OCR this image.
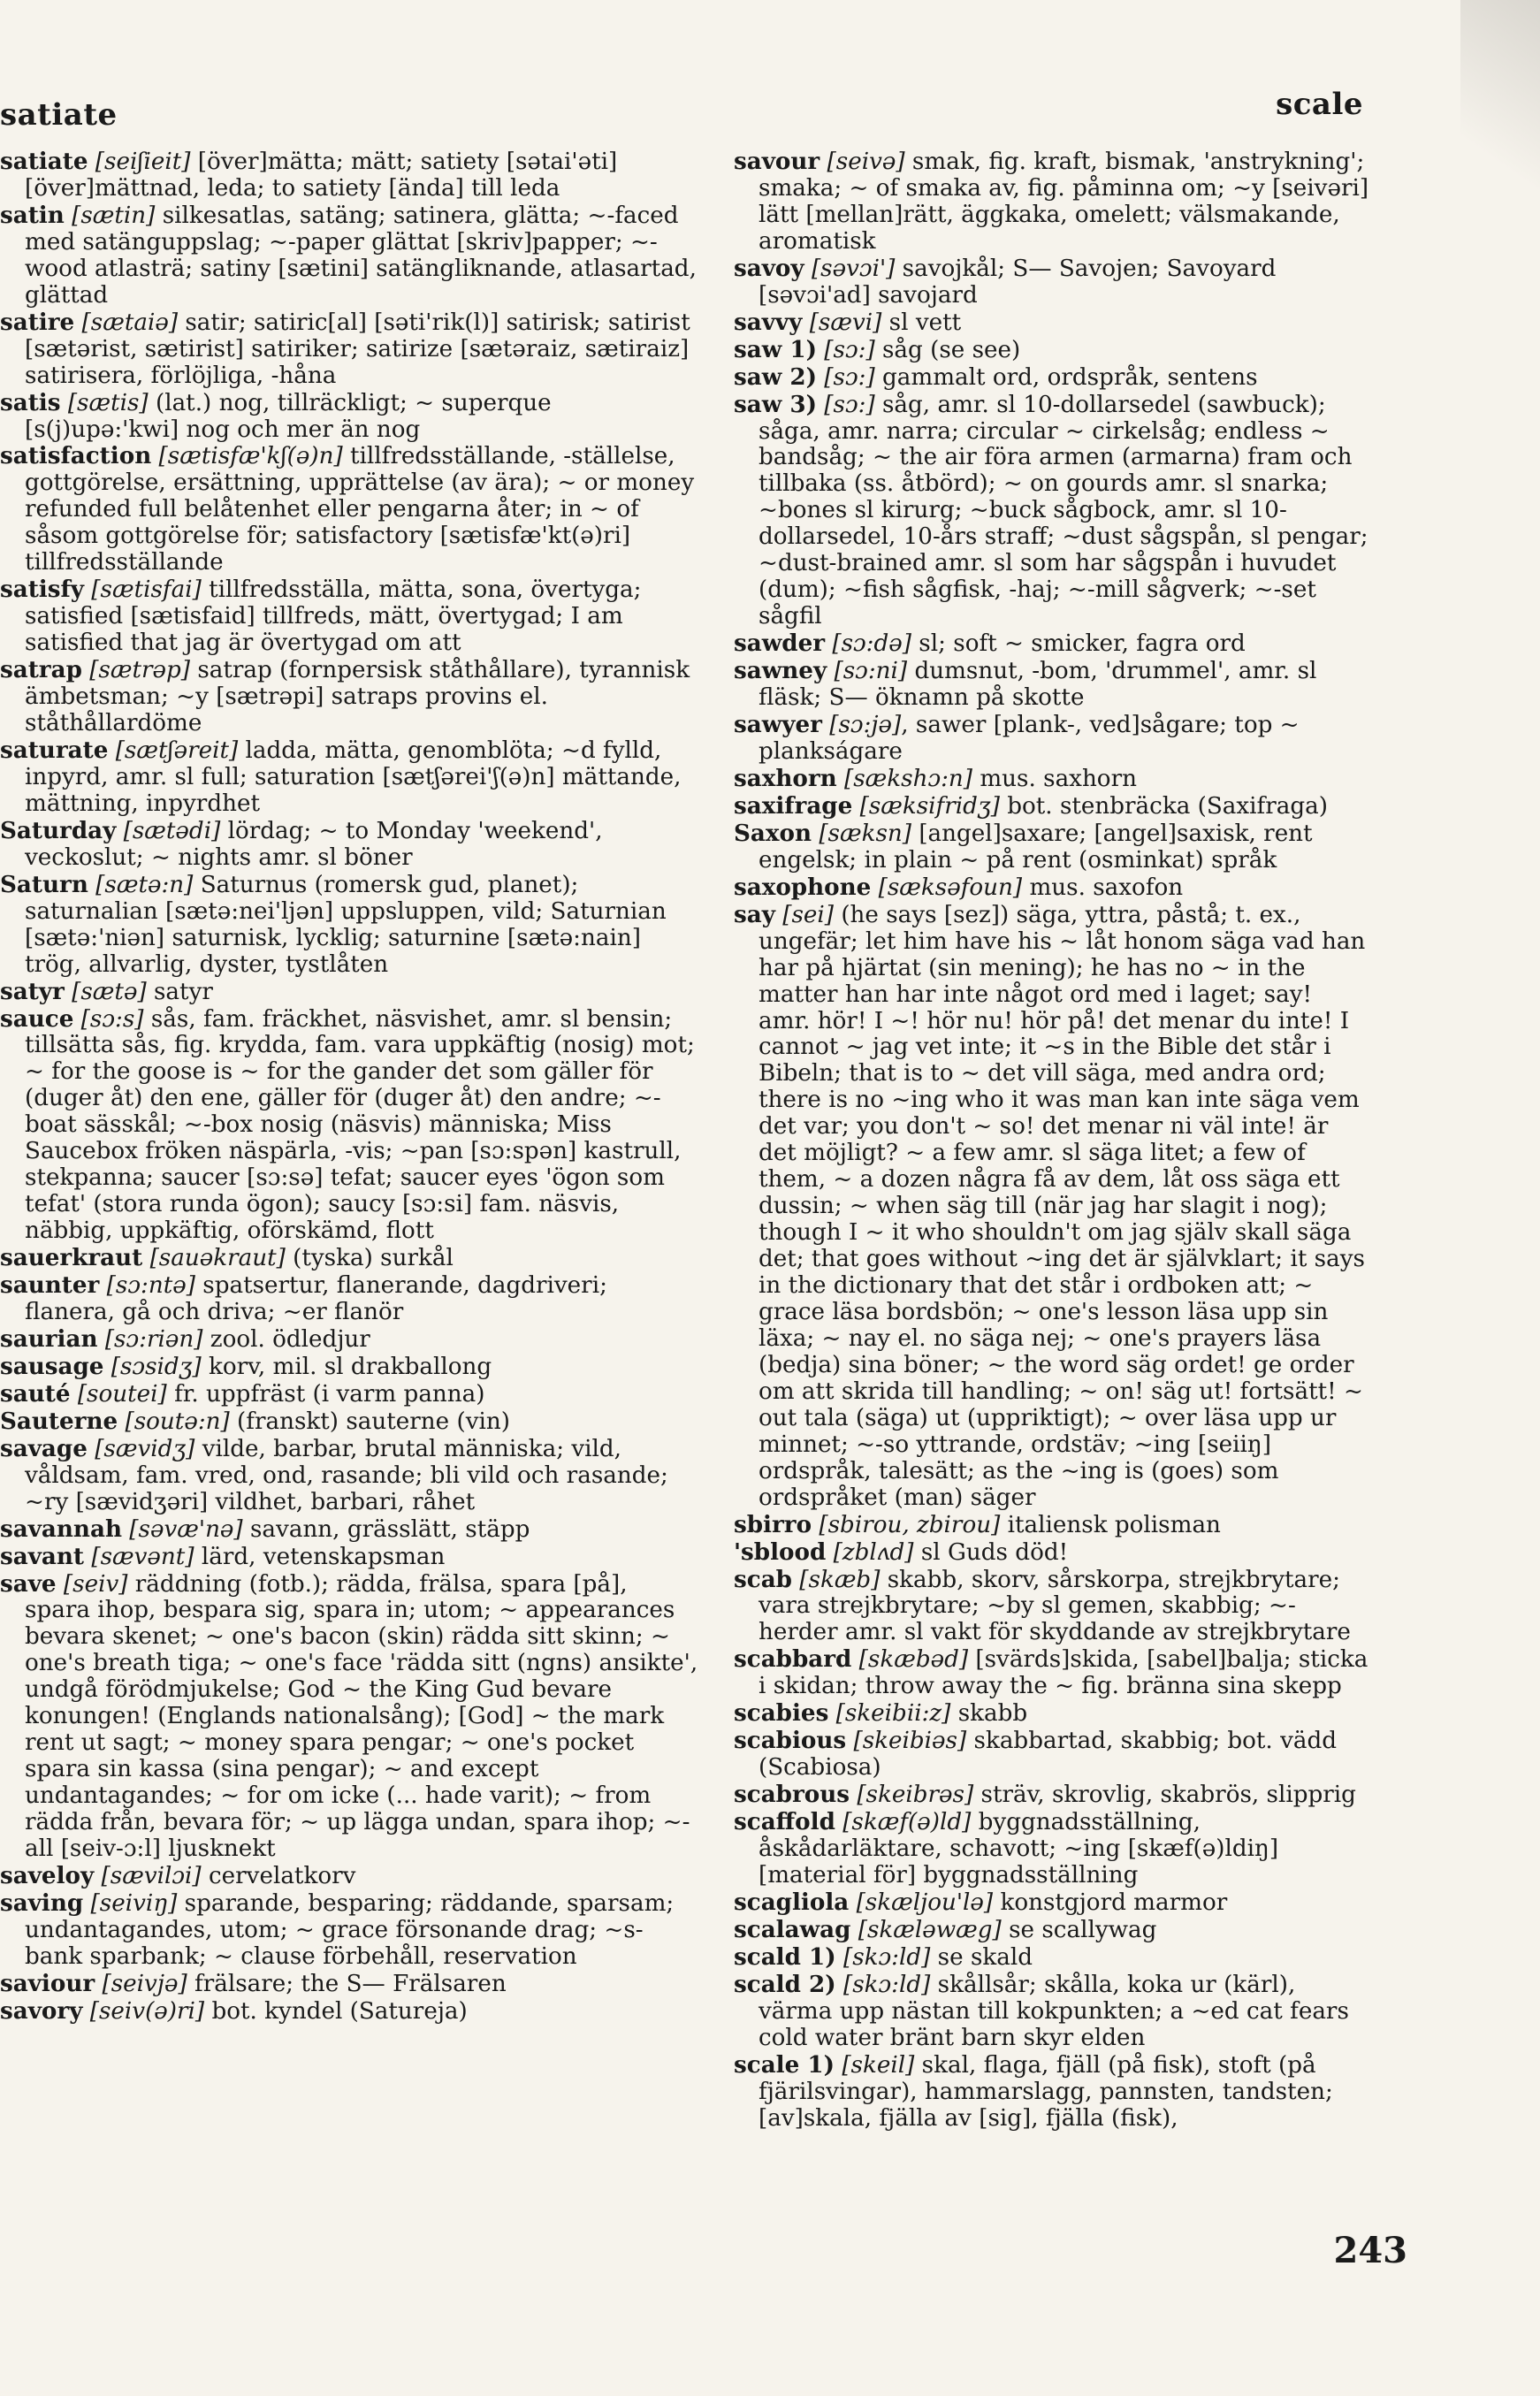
satiate	scale

satiate [seiʃieit] [över]mätta; mätt; satiety [sətai'əti] [över]mättnad, leda; to satiety [ända] till leda

satin [sætin] silkesatlas, satäng; satinera, glätta; ~-faced med satänguppslag; ~-paper glättat [skriv]papper; ~-wood atlasträ; satiny [sætini] satängliknande, atlasartad, glättad

satire [sætaiə] satir; satiric[al] [səti'rik(l)] satirisk; satirist [sætərist, sætirist] satiriker; satirize [sætəraiz, sætiraiz] satirisera, förlöjliga, -håna

satis [sætis] (lat.) nog, tillräckligt; ~ superque [s(j)upə:'kwi] nog och mer än nog

satisfaction [sætisfæ'kʃ(ə)n] tillfredsställande, -ställelse, gottgörelse, ersättning, upprättelse (av ära); ~ or money refunded full belåtenhet eller pengarna åter; in ~ of såsom gottgörelse för; satisfactory [sætisfæ'kt(ə)ri] tillfredsställande

satisfy [sætisfai] tillfredsställa, mätta, sona, övertyga; satisfied [sætisfaid] tillfreds, mätt, övertygad; I am satisfied that jag är övertygad om att

satrap [sætrəp] satrap (fornpersisk ståthållare), tyrannisk ämbetsman; ~y [sætrəpi] satraps provins el. ståthållardöme

saturate [sætʃəreit] ladda, mätta, genomblöta; ~d fylld, inpyrd, amr. sl full; saturation [sætʃərei'ʃ(ə)n] mättande, mättning, inpyrdhet

Saturday [sætədi] lördag; ~ to Monday 'weekend', veckoslut; ~ nights amr. sl böner

Saturn [sætə:n] Saturnus (romersk gud, planet); saturnalian [sætə:nei'ljən] uppsluppen, vild; Saturnian [sætə:'niən] saturnisk, lycklig; saturnine [sætə:nain] trög, allvarlig, dyster, tystlåten

satyr [sætə] satyr

sauce [sɔ:s] sås, fam. fräckhet, näsvishet, amr. sl bensin; tillsätta sås, fig. krydda, fam. vara uppkäftig (nosig) mot; ~ for the goose is ~ for the gander det som gäller för (duger åt) den ene, gäller för (duger åt) den andre; ~-boat sässkål; ~-box nosig (näsvis) människa; Miss Saucebox fröken näspärla, -vis; ~pan [sɔ:spən] kastrull, stekpanna; saucer [sɔ:sə] tefat; saucer eyes 'ögon som tefat' (stora runda ögon); saucy [sɔ:si] fam. näsvis, näbbig, uppkäftig, oförskämd, flott

sauerkraut [sauəkraut] (tyska) surkål

saunter [sɔ:ntə] spatsertur, flanerande, dagdriveri; flanera, gå och driva; ~er flanör

saurian [sɔ:riən] zool. ödledjur

sausage [sɔsidʒ] korv, mil. sl drakballong

sauté [soutei] fr. uppfräst (i varm panna)

Sauterne [soutə:n] (franskt) sauterne (vin)

savage [sævidʒ] vilde, barbar, brutal människa; vild, våldsam, fam. vred, ond, rasande; bli vild och rasande; ~ry [sævidʒəri] vildhet, barbari, råhet

savannah [səvæ'nə] savann, grässlätt, stäpp

savant [sævənt] lärd, vetenskapsman

save [seiv] räddning (fotb.); rädda, frälsa, spara [på], spara ihop, bespara sig, spara in; utom; ~ appearances bevara skenet; ~ one's bacon (skin) rädda sitt skinn; ~ one's breath tiga; ~ one's face 'rädda sitt (ngns) ansikte', undgå förödmjukelse; God ~ the King Gud bevare konungen! (Englands nationalsång); [God] ~ the mark rent ut sagt; ~ money spara pengar; ~ one's pocket spara sin kassa (sina pengar); ~ and except undantagandes; ~ for om icke (... hade varit); ~ from rädda från, bevara för; ~ up lägga undan, spara ihop; ~-all [seiv-ɔ:l] ljusknekt

saveloy [sævilɔi] cervelatkorv

saving [seiviŋ] sparande, besparing; räddande, sparsam; undantagandes, utom; ~ grace försonande drag; ~s-bank sparbank; ~ clause förbehåll, reservation

saviour [seivjə] frälsare; the S— Frälsaren

savory [seiv(ə)ri] bot. kyndel (Satureja)

savour [seivə] smak, fig. kraft, bismak, 'anstrykning'; smaka; ~ of smaka av, fig. påminna om; ~y [seivəri] lätt [mellan]rätt, äggkaka, omelett; välsmakande, aromatisk

savoy [səvɔi'] savojkål; S— Savojen; Savoyard [səvɔi'ad] savojard

savvy [sævi] sl vett

saw 1) [sɔ:] såg (se see)

saw 2) [sɔ:] gammalt ord, ordspråk, sentens

saw 3) [sɔ:] såg, amr. sl 10-dollarsedel (sawbuck); såga, amr. narra; circular ~ cirkelsåg; endless ~ bandsåg; ~ the air föra armen (armarna) fram och tillbaka (ss. åtbörd); ~ on gourds amr. sl snarka; ~bones sl kirurg; ~buck sågbock, amr. sl 10-dollarsedel, 10-års straff; ~dust sågspån, sl pengar; ~dust-brained amr. sl som har sågspån i huvudet (dum); ~fish sågfisk, -haj; ~-mill sågverk; ~-set sågfil

sawder [sɔ:də] sl; soft ~ smicker, fagra ord

sawney [sɔ:ni] dumsnut, -bom, 'drummel', amr. sl fläsk; S— öknamn på skotte

sawyer [sɔ:jə], sawer [plank-, ved]sågare; top ~ plankságare

saxhorn [sækshɔ:n] mus. saxhorn

saxifrage [sæksifridʒ] bot. stenbräcka (Saxifraga)

Saxon [sæksn] [angel]saxare; [angel]saxisk, rent engelsk; in plain ~ på rent (osminkat) språk

saxophone [sæksəfoun] mus. saxofon

say [sei] (he says [sez]) säga, yttra, påstå; t. ex., ungefär; let him have his ~ låt honom säga vad han har på hjärtat (sin mening); he has no ~ in the matter han har inte något ord med i laget; say! amr. hör! I ~! hör nu! hör på! det menar du inte! I cannot ~ jag vet inte; it ~s in the Bible det står i Bibeln; that is to ~ det vill säga, med andra ord; there is no ~ing who it was man kan inte säga vem det var; you don't ~ so! det menar ni väl inte! är det möjligt? ~ a few amr. sl säga litet; a few of them, ~ a dozen några få av dem, låt oss säga ett dussin; ~ when säg till (när jag har slagit i nog); though I ~ it who shouldn't om jag själv skall säga det; that goes without ~ing det är självklart; it says in the dictionary that det står i ordboken att; ~ grace läsa bordsbön; ~ one's lesson läsa upp sin läxa; ~ nay el. no säga nej; ~ one's prayers läsa (bedja) sina böner; ~ the word säg ordet! ge order om att skrida till handling; ~ on! säg ut! fortsätt! ~ out tala (säga) ut (uppriktigt); ~ over läsa upp ur minnet; ~-so yttrande, ordstäv; ~ing [seiiŋ] ordspråk, talesätt; as the ~ing is (goes) som ordspråket (man) säger

sbirro [sbirou, zbirou] italiensk polisman

'sblood [zblʌd] sl Guds död!

scab [skæb] skabb, skorv, sårskorpa, strejkbrytare; vara strejkbrytare; ~by sl gemen, skabbig; ~-herder amr. sl vakt för skyddande av strejkbrytare

scabbard [skæbəd] [svärds]skida, [sabel]balja; sticka i skidan; throw away the ~ fig. bränna sina skepp

scabies [skeibii:z] skabb

scabious [skeibiəs] skabbartad, skabbig; bot. vädd (Scabiosa)

scabrous [skeibrəs] sträv, skrovlig, skabrös, slipprig

scaffold [skæf(ə)ld] byggnadsställning, åskådarläktare, schavott; ~ing [skæf(ə)ldiŋ] [material för] byggnadsställning

scagliola [skæljou'lə] konstgjord marmor

scalawag [skæləwæg] se scallywag

scald 1) [skɔ:ld] se skald

scald 2) [skɔ:ld] skållsår; skålla, koka ur (kärl), värma upp nästan till kokpunkten; a ~ed cat fears cold water bränt barn skyr elden

scale 1) [skeil] skal, flaga, fjäll (på fisk), stoft (på fjärilsvingar), hammarslagg, pannsten, tandsten; [av]skala, fjälla av [sig], fjälla (fisk),

243
